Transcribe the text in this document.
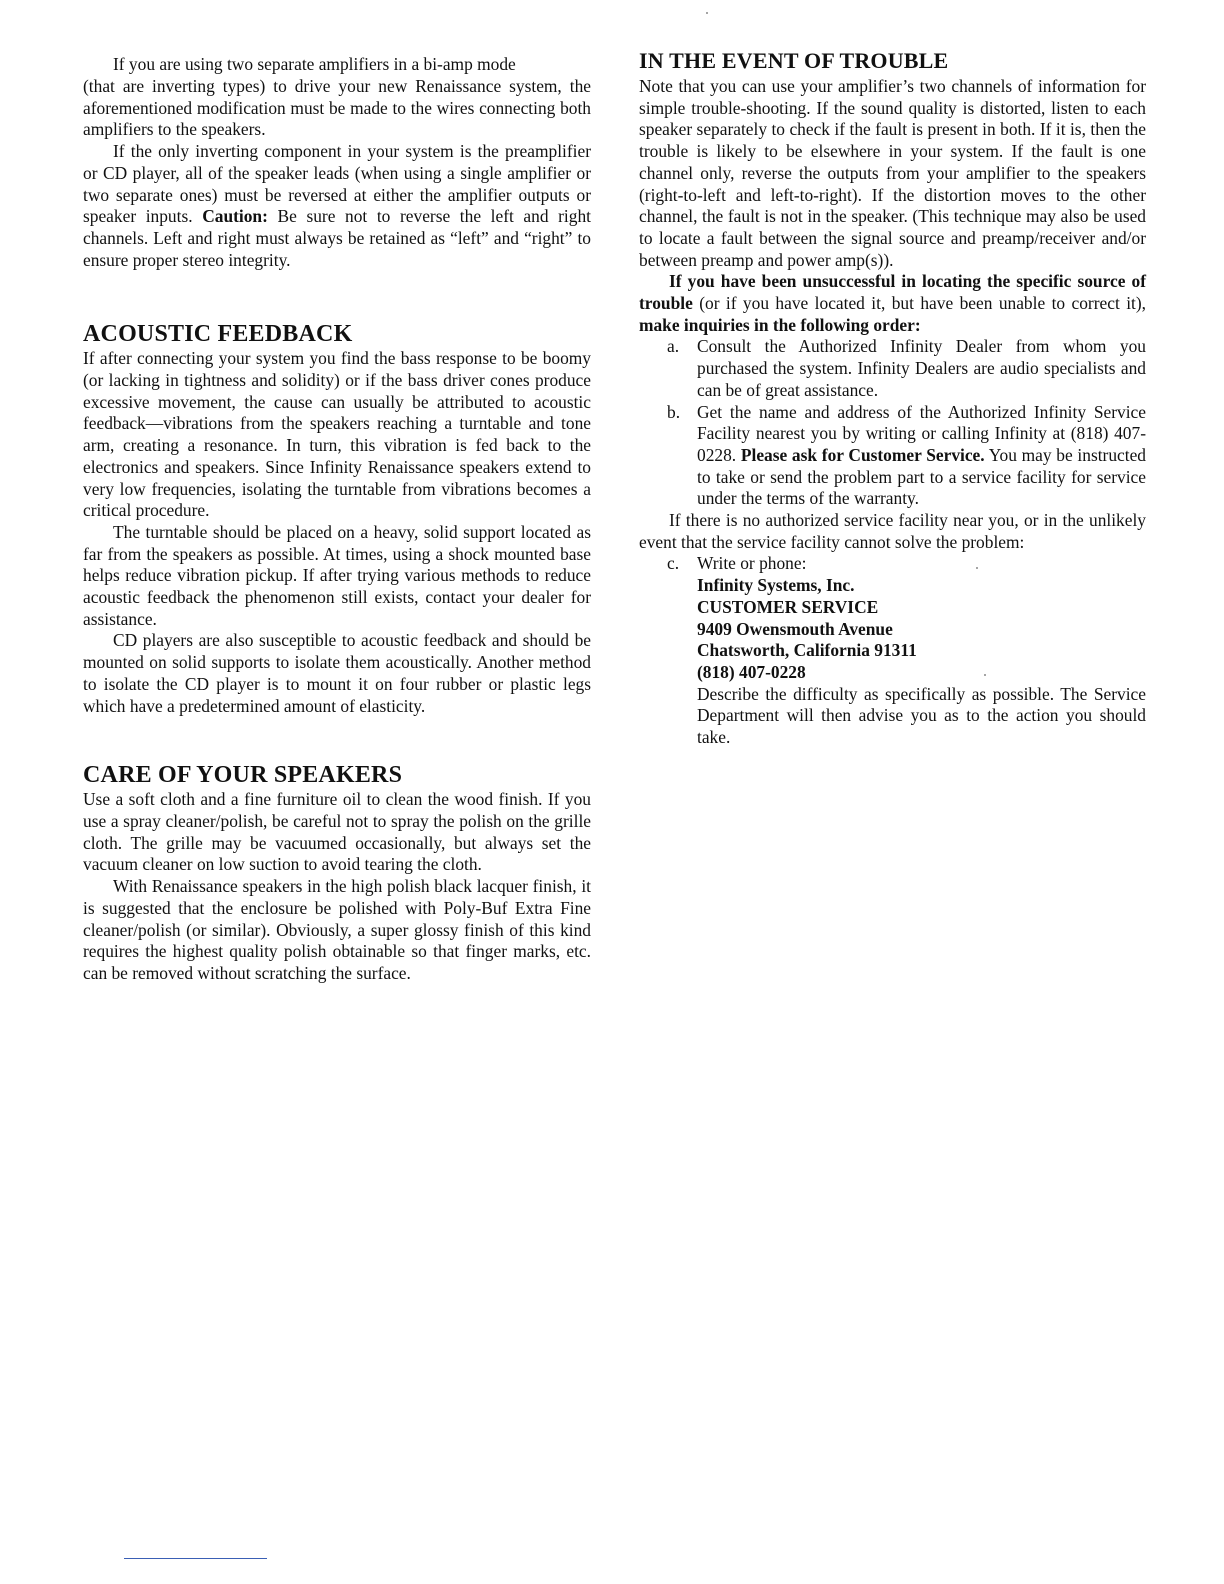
If you are using two separate amplifiers in a bi-amp mode

(that are inverting types) to drive your new Renaissance system, the aforementioned modification must be made to the wires connecting both amplifiers to the speakers.

If the only inverting component in your system is the preamplifier or CD player, all of the speaker leads (when using a single amplifier or two separate ones) must be reversed at either the amplifier outputs or speaker inputs. Caution: Be sure not to reverse the left and right channels. Left and right must always be retained as “left” and “right” to ensure proper stereo integrity.

ACOUSTIC FEEDBACK

If after connecting your system you find the bass response to be boomy (or lacking in tightness and solidity) or if the bass driver cones produce excessive movement, the cause can usually be attributed to acoustic feedback—vibrations from the speakers reaching a turntable and tone arm, creating a resonance. In turn, this vibration is fed back to the electronics and speakers. Since Infinity Renaissance speakers extend to very low frequencies, isolating the turntable from vibrations becomes a critical procedure.

The turntable should be placed on a heavy, solid support located as far from the speakers as possible. At times, using a shock mounted base helps reduce vibration pickup. If after trying various methods to reduce acoustic feedback the phenomenon still exists, contact your dealer for assistance.

CD players are also susceptible to acoustic feedback and should be mounted on solid supports to isolate them acoustically. Another method to isolate the CD player is to mount it on four rubber or plastic legs which have a predetermined amount of elasticity.

CARE OF YOUR SPEAKERS

Use a soft cloth and a fine furniture oil to clean the wood finish. If you use a spray cleaner/polish, be careful not to spray the polish on the grille cloth. The grille may be vacuumed occasionally, but always set the vacuum cleaner on low suction to avoid tearing the cloth.

With Renaissance speakers in the high polish black lacquer finish, it is suggested that the enclosure be polished with Poly-Buf Extra Fine cleaner/polish (or similar). Obviously, a super glossy finish of this kind requires the highest quality polish obtainable so that finger marks, etc. can be removed without scratching the surface.

IN THE EVENT OF TROUBLE

Note that you can use your amplifier’s two channels of information for simple trouble-shooting. If the sound quality is distorted, listen to each speaker separately to check if the fault is present in both. If it is, then the trouble is likely to be elsewhere in your system. If the fault is one channel only, reverse the outputs from your amplifier to the speakers (right-to-left and left-to-right). If the distortion moves to the other channel, the fault is not in the speaker. (This technique may also be used to locate a fault between the signal source and preamp/receiver and/or between preamp and power amp(s)).

If you have been unsuccessful in locating the specific source of trouble (or if you have located it, but have been unable to correct it), make inquiries in the following order:

a. Consult the Authorized Infinity Dealer from whom you purchased the system. Infinity Dealers are audio specialists and can be of great assistance.
b. Get the name and address of the Authorized Infinity Service Facility nearest you by writing or calling Infinity at (818) 407-0228. Please ask for Customer Service. You may be instructed to take or send the problem part to a service facility for service under the terms of the warranty.

If there is no authorized service facility near you, or in the unlikely event that the service facility cannot solve the problem:

c. Write or phone:
Infinity Systems, Inc.
CUSTOMER SERVICE
9409 Owensmouth Avenue
Chatsworth, California 91311
(818) 407-0228

Describe the difficulty as specifically as possible. The Service Department will then advise you as to the action you should take.
